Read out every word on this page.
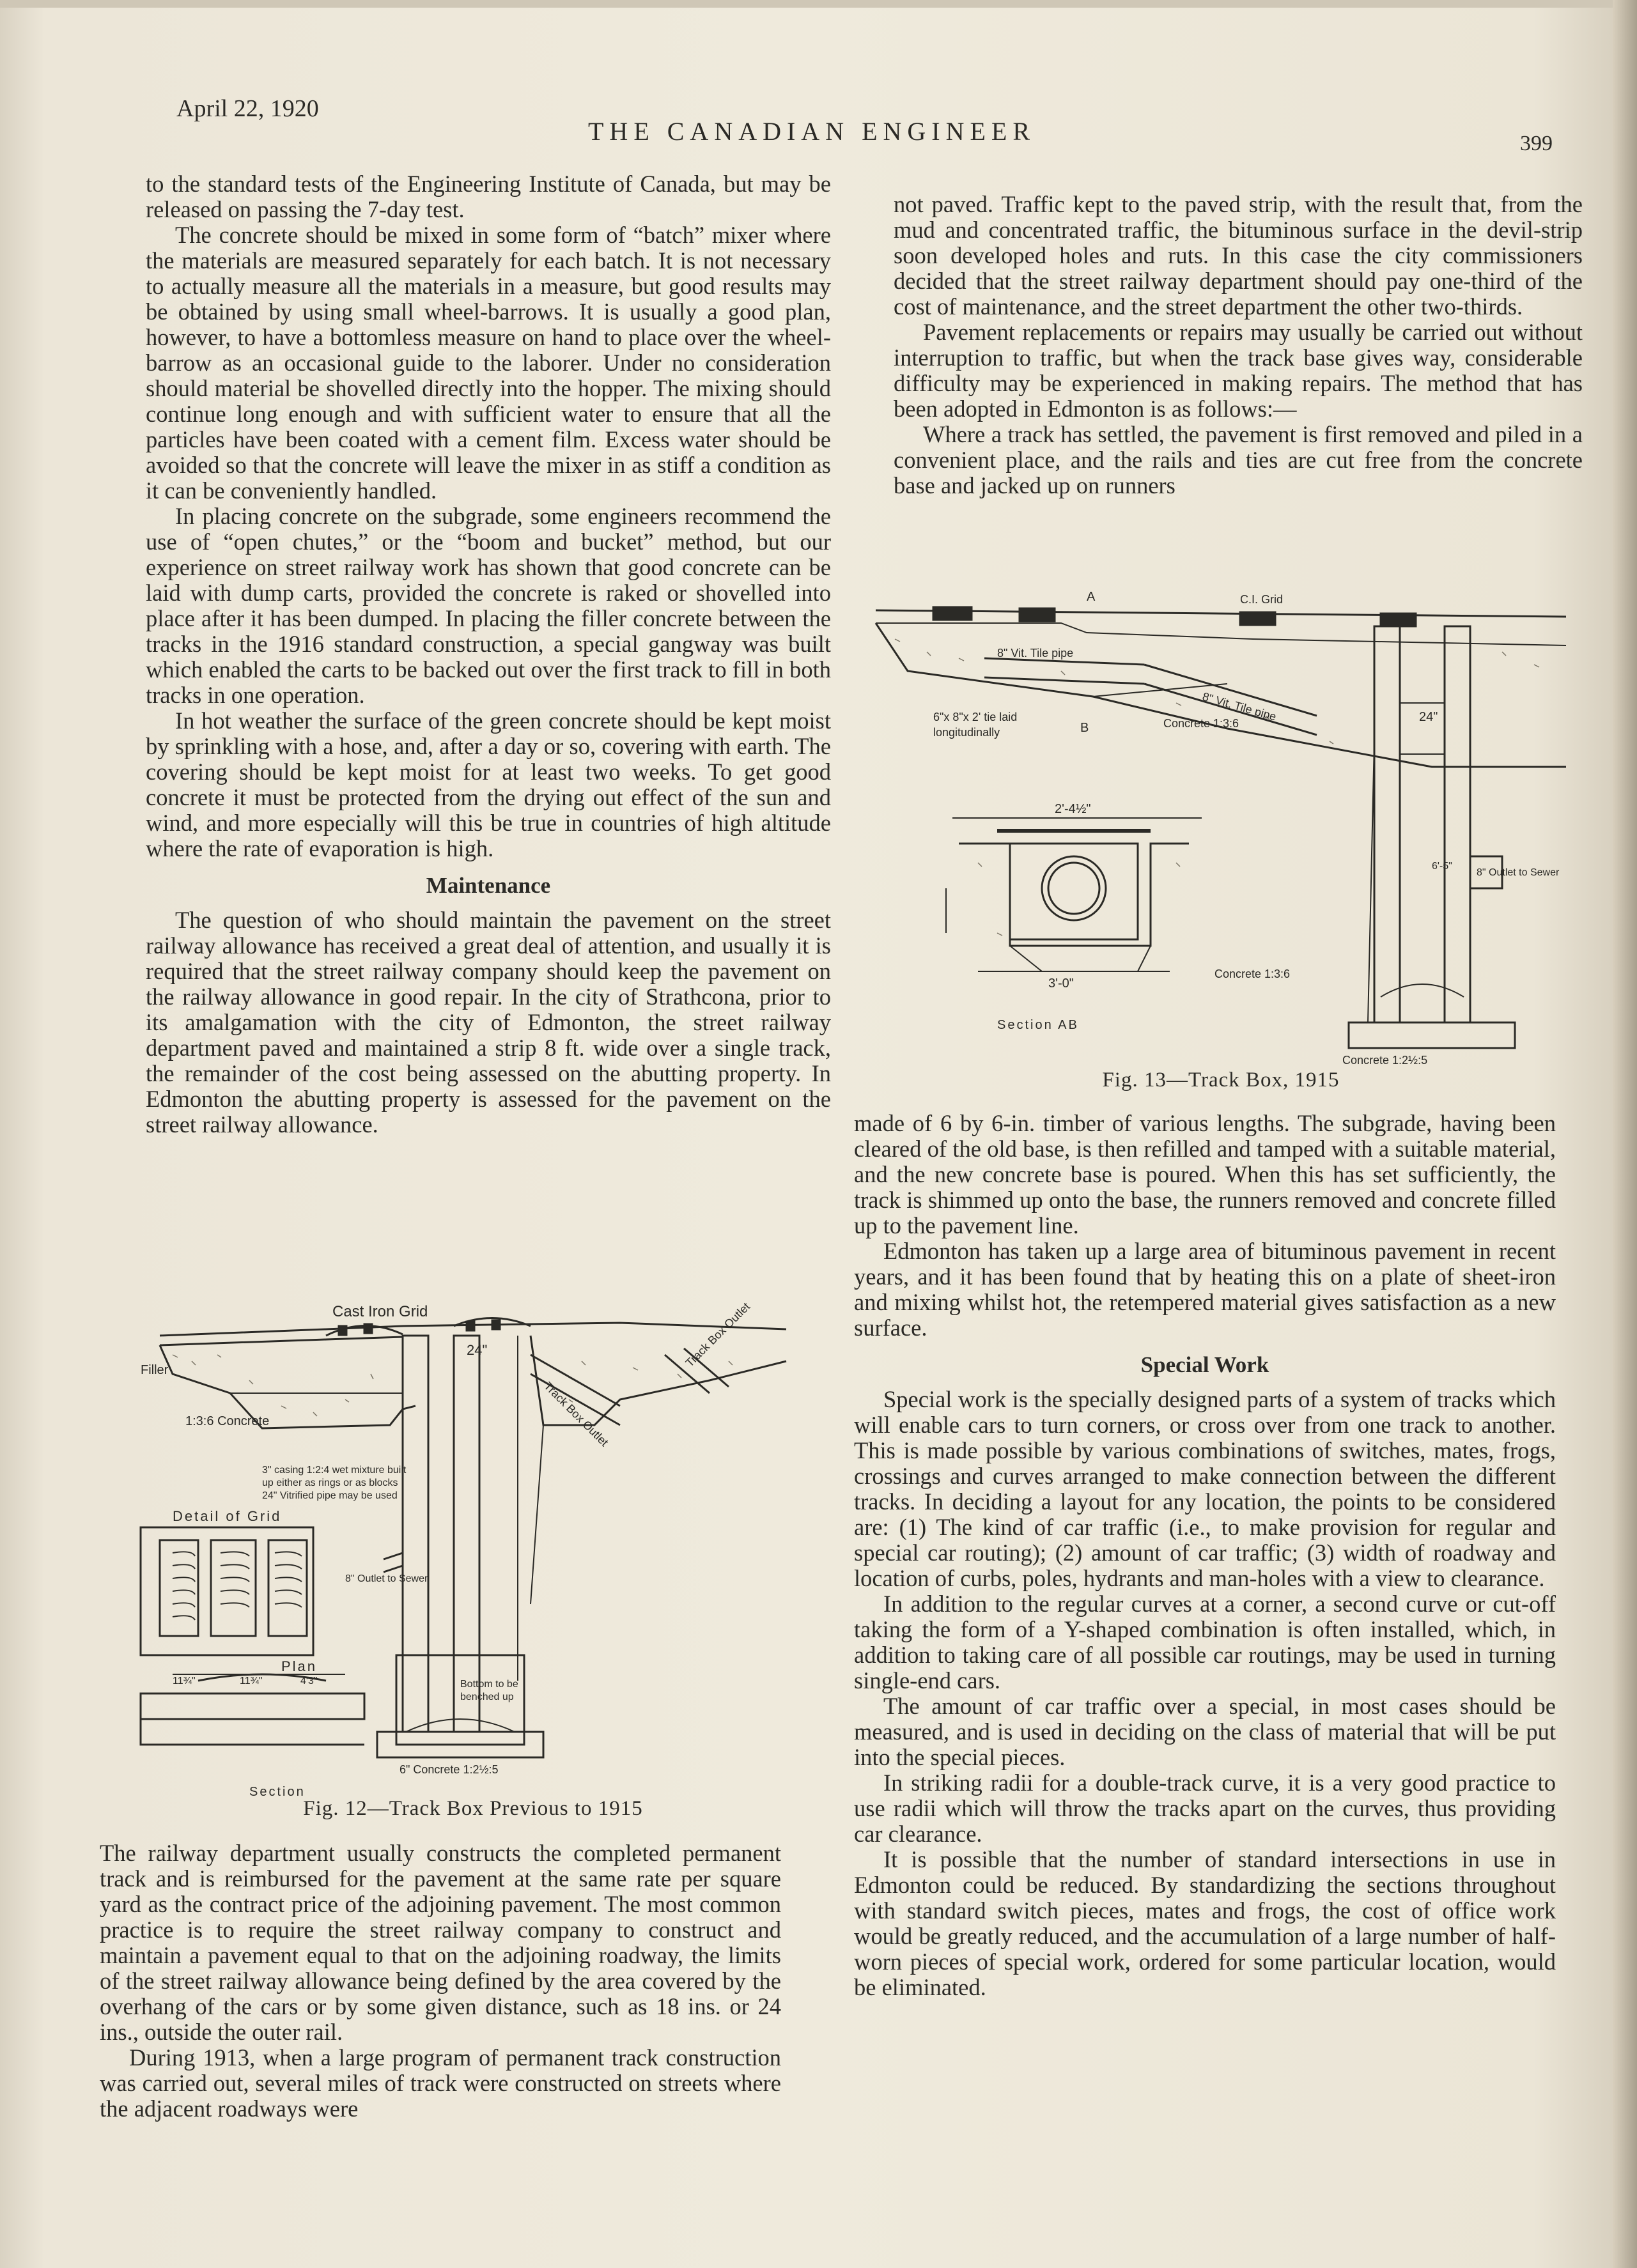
April 22, 1920
THE CANADIAN ENGINEER	399

to the standard tests of the Engineering Institute of Canada, but may be released on passing the 7-day test.

The concrete should be mixed in some form of “batch” mixer where the materials are measured separately for each batch. It is not necessary to actually measure all the materials in a measure, but good results may be obtained by using small wheel-barrows. It is usually a good plan, however, to have a bottomless measure on hand to place over the wheel-barrow as an occasional guide to the laborer. Under no consideration should material be shovelled directly into the hopper. The mixing should continue long enough and with sufficient water to ensure that all the particles have been coated with a cement film. Excess water should be avoided so that the concrete will leave the mixer in as stiff a condition as it can be conveniently handled.

In placing concrete on the subgrade, some engineers recommend the use of “open chutes,” or the “boom and bucket” method, but our experience on street railway work has shown that good concrete can be laid with dump carts, provided the concrete is raked or shovelled into place after it has been dumped. In placing the filler concrete between the tracks in the 1916 standard construction, a special gangway was built which enabled the carts to be backed out over the first track to fill in both tracks in one operation.

In hot weather the surface of the green concrete should be kept moist by sprinkling with a hose, and, after a day or so, covering with earth. The covering should be kept moist for at least two weeks. To get good concrete it must be protected from the drying out effect of the sun and wind, and more especially will this be true in countries of high altitude where the rate of evaporation is high.

Maintenance

The question of who should maintain the pavement on the street railway allowance has received a great deal of attention, and usually it is required that the street railway company should keep the pavement on the railway allowance in good repair. In the city of Strathcona, prior to its amalgamation with the city of Edmonton, the street railway department paved and maintained a strip 8 ft. wide over a single track, the remainder of the cost being assessed on the abutting property. In Edmonton the abutting property is assessed for the pavement on the street railway allowance.

Cast Iron Grid
Filler
1:3:6 Concrete
24"
Track Box Outlet
Track Box Outlet
3" casing 1:2:4 wet mixture built
up either as rings or as blocks
24" Vitrified pipe may be used
Detail of Grid
Plan
8" Outlet to Sewer
Bottom to be
benched up
6" Concrete 1:2½:5
11¾"	11¾"	4'3"
Section
Fig. 12—Track Box Previous to 1915

The railway department usually constructs the completed permanent track and is reimbursed for the pavement at the same rate per square yard as the contract price of the adjoining pavement. The most common practice is to require the street railway company to construct and maintain a pavement equal to that on the adjoining roadway, the limits of the street railway allowance being defined by the area covered by the overhang of the cars or by some given distance, such as 18 ins. or 24 ins., outside the outer rail.

During 1913, when a large program of permanent track construction was carried out, several miles of track were constructed on streets where the adjacent roadways were

not paved. Traffic kept to the paved strip, with the result that, from the mud and concentrated traffic, the bituminous surface in the devil-strip soon developed holes and ruts. In this case the city commissioners decided that the street railway department should pay one-third of the cost of maintenance, and the street department the other two-thirds.

Pavement replacements or repairs may usually be carried out without interruption to traffic, but when the track base gives way, considerable difficulty may be experienced in making repairs. The method that has been adopted in Edmonton is as follows:—

Where a track has settled, the pavement is first removed and piled in a convenient place, and the rails and ties are cut free from the concrete base and jacked up on runners

A
B
C.I. Grid
8" Vit. Tile pipe
8" Vit. Tile pipe
6"x 8"x 2' tie laid
longitudinally
Concrete 1:3:6	24"
2'-4½"
3'-0"
Concrete 1:3:6
Section AB
8" Outlet to Sewer
6'-5"
Concrete 1:2½:5
Fig. 13—Track Box, 1915

made of 6 by 6-in. timber of various lengths. The subgrade, having been cleared of the old base, is then refilled and tamped with a suitable material, and the new concrete base is poured. When this has set sufficiently, the track is shimmed up onto the base, the runners removed and concrete filled up to the pavement line.

Edmonton has taken up a large area of bituminous pavement in recent years, and it has been found that by heating this on a plate of sheet-iron and mixing whilst hot, the retempered material gives satisfaction as a new surface.

Special Work

Special work is the specially designed parts of a system of tracks which will enable cars to turn corners, or cross over from one track to another. This is made possible by various combinations of switches, mates, frogs, crossings and curves arranged to make connection between the different tracks. In deciding a layout for any location, the points to be considered are: (1) The kind of car traffic (i.e., to make provision for regular and special car routing); (2) amount of car traffic; (3) width of roadway and location of curbs, poles, hydrants and man-holes with a view to clearance.

In addition to the regular curves at a corner, a second curve or cut-off taking the form of a Y-shaped combination is often installed, which, in addition to taking care of all possible car routings, may be used in turning single-end cars.

The amount of car traffic over a special, in most cases should be measured, and is used in deciding on the class of material that will be put into the special pieces.

In striking radii for a double-track curve, it is a very good practice to use radii which will throw the tracks apart on the curves, thus providing car clearance.

It is possible that the number of standard intersections in use in Edmonton could be reduced. By standardizing the sections throughout with standard switch pieces, mates and frogs, the cost of office work would be greatly reduced, and the accumulation of a large number of half-worn pieces of special work, ordered for some particular location, would be eliminated.
